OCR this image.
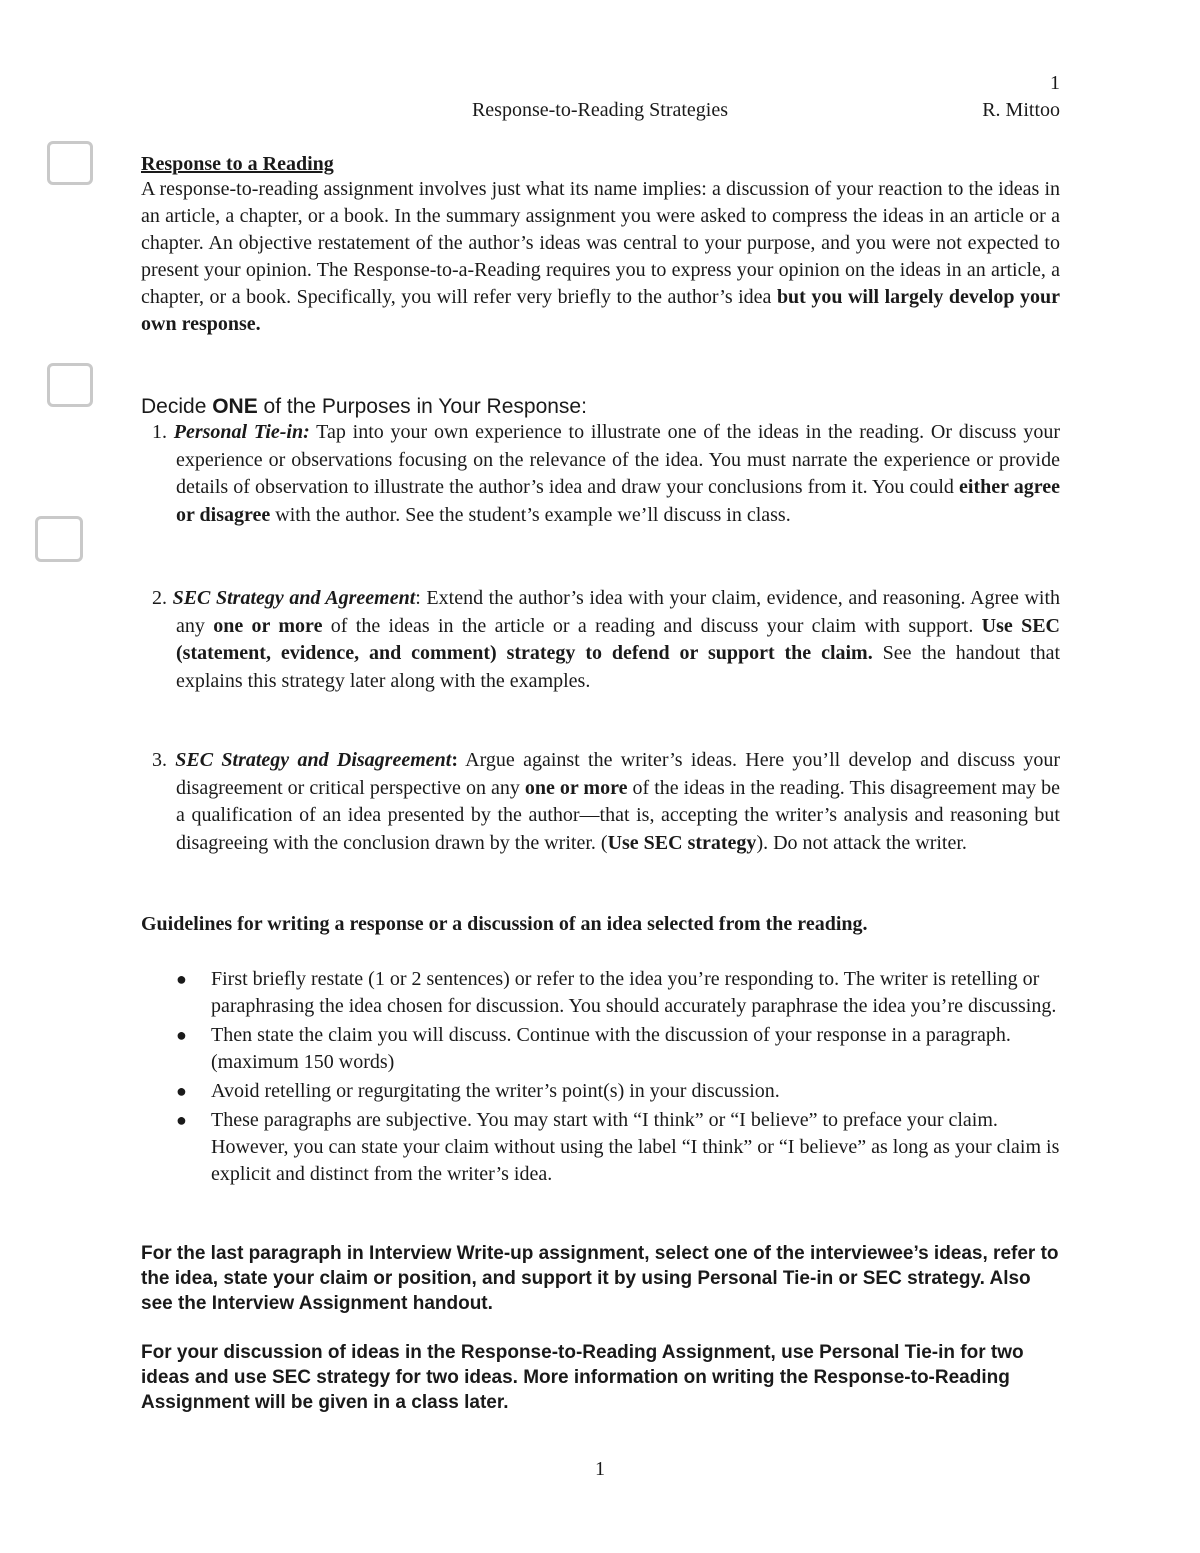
1
Response-to-Reading Strategies	R. Mittoo
Response to a Reading

A response-to-reading assignment involves just what its name implies: a discussion of your reaction to the ideas in an article, a chapter, or a book. In the summary assignment you were asked to compress the ideas in an article or a chapter. An objective restatement of the author’s ideas was central to your purpose, and you were not expected to present your opinion. The Response-to-a-Reading requires you to express your opinion on the ideas in an article, a chapter, or a book. Specifically, you will refer very briefly to the author’s idea but you will largely develop your own response.

Decide ONE of the Purposes in Your Response:

1. Personal Tie-in: Tap into your own experience to illustrate one of the ideas in the reading. Or discuss your experience or observations focusing on the relevance of the idea. You must narrate the experience or provide details of observation to illustrate the author’s idea and draw your conclusions from it. You could either agree or disagree with the author. See the student’s example we’ll discuss in class.

2. SEC Strategy and Agreement: Extend the author’s idea with your claim, evidence, and reasoning. Agree with any one or more of the ideas in the article or a reading and discuss your claim with support. Use SEC (statement, evidence, and comment) strategy to defend or support the claim. See the handout that explains this strategy later along with the examples.

3. SEC Strategy and Disagreement: Argue against the writer’s ideas. Here you’ll develop and discuss your disagreement or critical perspective on any one or more of the ideas in the reading. This disagreement may be a qualification of an idea presented by the author—that is, accepting the writer’s analysis and reasoning but disagreeing with the conclusion drawn by the writer. (Use SEC strategy). Do not attack the writer.

Guidelines for writing a response or a discussion of an idea selected from the reading.

● First briefly restate (1 or 2 sentences) or refer to the idea you’re responding to. The writer is retelling or paraphrasing the idea chosen for discussion. You should accurately paraphrase the idea you’re discussing.
● Then state the claim you will discuss. Continue with the discussion of your response in a paragraph. (maximum 150 words)
● Avoid retelling or regurgitating the writer’s point(s) in your discussion.
● These paragraphs are subjective. You may start with “I think” or “I believe” to preface your claim. However, you can state your claim without using the label “I think” or “I believe” as long as your claim is explicit and distinct from the writer’s idea.

For the last paragraph in Interview Write-up assignment, select one of the interviewee’s ideas, refer to the idea, state your claim or position, and support it by using Personal Tie-in or SEC strategy. Also see the Interview Assignment handout.

For your discussion of ideas in the Response-to-Reading Assignment, use Personal Tie-in for two ideas and use SEC strategy for two ideas. More information on writing the Response-to-Reading Assignment will be given in a class later.

1
